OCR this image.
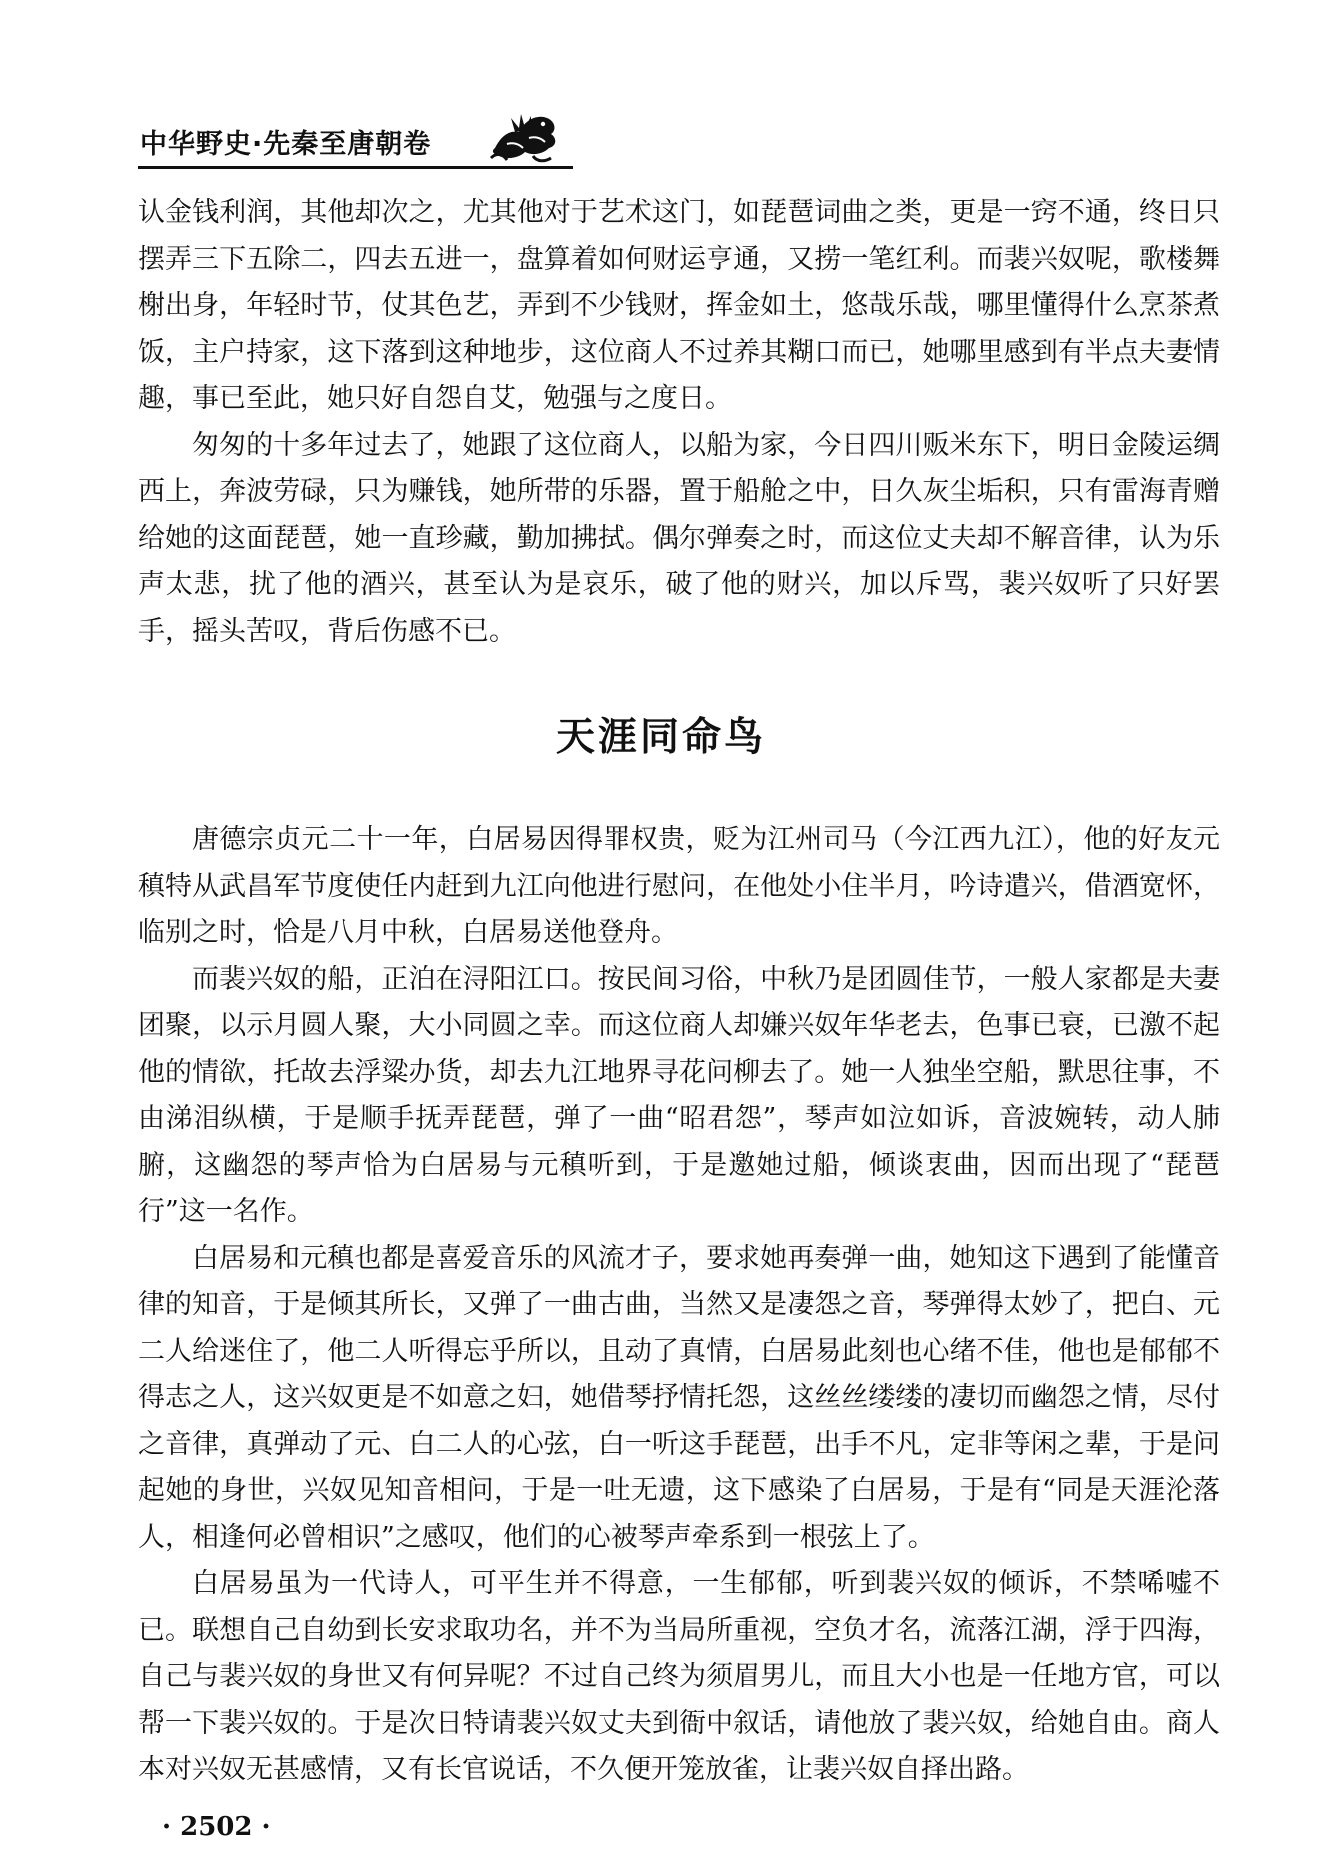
中华野史·先秦至唐朝卷

认金钱利润，其他却次之，尤其他对于艺术这门，如琵琶词曲之类，更是一窍不通，终日只摆弄三下五除二，四去五进一，盘算着如何财运亨通，又捞一笔红利。而裴兴奴呢，歌楼舞榭出身，年轻时节，仗其色艺，弄到不少钱财，挥金如土，悠哉乐哉，哪里懂得什么烹茶煮饭，主户持家，这下落到这种地步，这位商人不过养其糊口而已，她哪里感到有半点夫妻情趣，事已至此，她只好自怨自艾，勉强与之度日。

匆匆的十多年过去了，她跟了这位商人，以船为家，今日四川贩米东下，明日金陵运绸西上，奔波劳碌，只为赚钱，她所带的乐器，置于船舱之中，日久灰尘垢积，只有雷海青赠给她的这面琵琶，她一直珍藏，勤加拂拭。偶尔弹奏之时，而这位丈夫却不解音律，认为乐声太悲，扰了他的酒兴，甚至认为是哀乐，破了他的财兴，加以斥骂，裴兴奴听了只好罢手，摇头苦叹，背后伤感不已。

天涯同命鸟

唐德宗贞元二十一年，白居易因得罪权贵，贬为江州司马（今江西九江），他的好友元稹特从武昌军节度使任内赶到九江向他进行慰问，在他处小住半月，吟诗遣兴，借酒宽怀，临别之时，恰是八月中秋，白居易送他登舟。

而裴兴奴的船，正泊在浔阳江口。按民间习俗，中秋乃是团圆佳节，一般人家都是夫妻团聚，以示月圆人聚，大小同圆之幸。而这位商人却嫌兴奴年华老去，色事已衰，已激不起他的情欲，托故去浮粱办货，却去九江地界寻花问柳去了。她一人独坐空船，默思往事，不由涕泪纵横，于是顺手抚弄琵琶，弹了一曲“昭君怨”，琴声如泣如诉，音波婉转，动人肺腑，这幽怨的琴声恰为白居易与元稹听到，于是邀她过船，倾谈衷曲，因而出现了“琵琶行”这一名作。

白居易和元稹也都是喜爱音乐的风流才子，要求她再奏弹一曲，她知这下遇到了能懂音律的知音，于是倾其所长，又弹了一曲古曲，当然又是凄怨之音，琴弹得太妙了，把白、元二人给迷住了，他二人听得忘乎所以，且动了真情，白居易此刻也心绪不佳，他也是郁郁不得志之人，这兴奴更是不如意之妇，她借琴抒情托怨，这丝丝缕缕的凄切而幽怨之情，尽付之音律，真弹动了元、白二人的心弦，白一听这手琵琶，出手不凡，定非等闲之辈，于是问起她的身世，兴奴见知音相问，于是一吐无遗，这下感染了白居易，于是有“同是天涯沦落人，相逢何必曾相识”之感叹，他们的心被琴声牵系到一根弦上了。

白居易虽为一代诗人，可平生并不得意，一生郁郁，听到裴兴奴的倾诉，不禁唏嘘不已。联想自己自幼到长安求取功名，并不为当局所重视，空负才名，流落江湖，浮于四海，自己与裴兴奴的身世又有何异呢？不过自己终为须眉男儿，而且大小也是一任地方官，可以帮一下裴兴奴的。于是次日特请裴兴奴丈夫到衙中叙话，请他放了裴兴奴，给她自由。商人本对兴奴无甚感情，又有长官说话，不久便开笼放雀，让裴兴奴自择出路。

· 2502 ·
